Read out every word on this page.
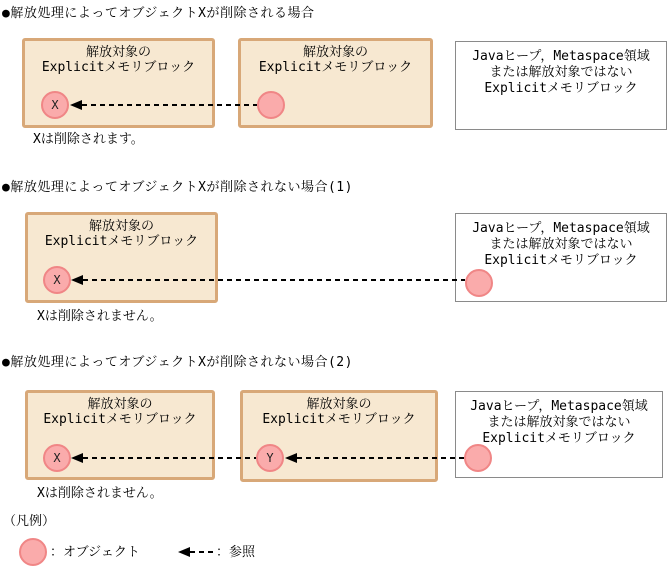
●解放処理によってオブジェクトXが削除される場合
解放対象の
Explicitメモリブロック
解放対象の
Explicitメモリブロック
Javaヒープ，Metaspace領域
または解放対象ではない
Explicitメモリブロック
X
Xは削除されます。
●解放処理によってオブジェクトXが削除されない場合(1)
解放対象の
Explicitメモリブロック
Javaヒープ，Metaspace領域
または解放対象ではない
Explicitメモリブロック
X
Xは削除されません。
●解放処理によってオブジェクトXが削除されない場合(2)
解放対象の
Explicitメモリブロック
解放対象の
Explicitメモリブロック
Javaヒープ，Metaspace領域
または解放対象ではない
Explicitメモリブロック
X	Y
Xは削除されません。
（凡例）
：オブジェクト	：参照
